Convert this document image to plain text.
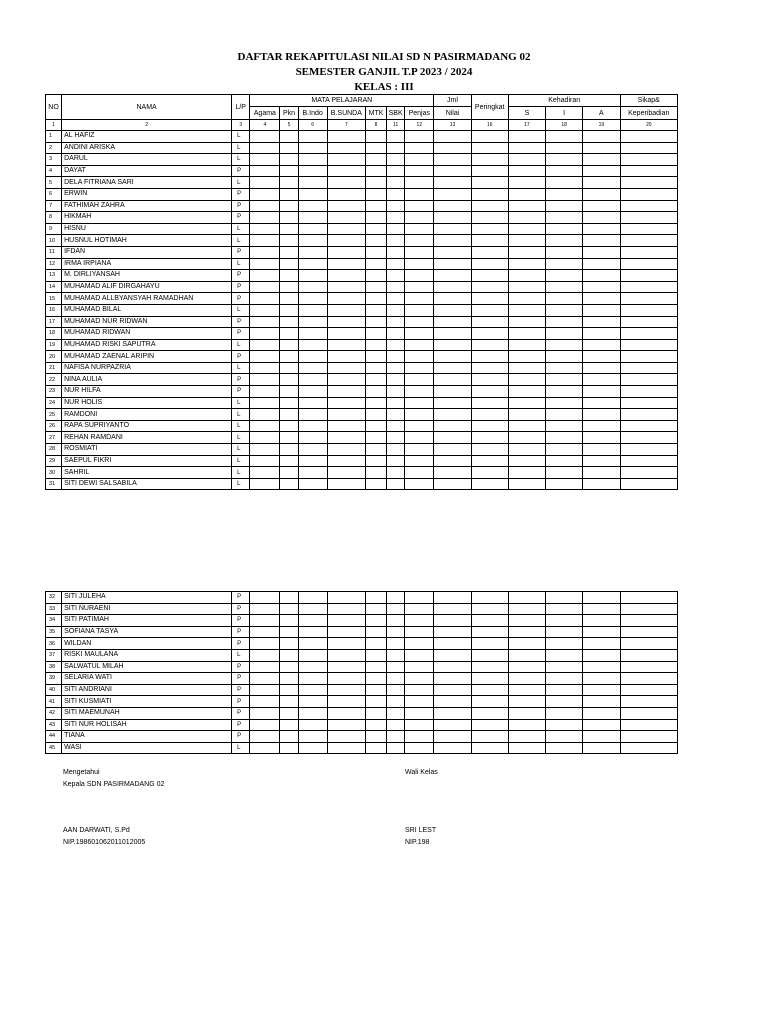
DAFTAR REKAPITULASI NILAI SD N PASIRMADANG 02
SEMESTER GANJIL T.P 2023 / 2024
KELAS : III
NO	NAMA	L/P	MATA PELAJARAN							Jml	Peringkat	Kehadiran			Sikap&
			Agama	Pkn	B.Indo	B.SUNDA	MTK	SBK	Penjas	Nilai		S	I	A	Keperibadian
1	2	3	4	5	6	7	8	11	12	13	16	17	18	19	20
1	AL HAFIZ	L													
2	ANDINI ARISKA	L													
3	DARUL	L													
4	DAYAT	P													
5	DELA FITRIANA SARI	L													
6	ERWIN	P													
7	FATHIMAH ZAHRA	P													
8	HIKMAH	P													
9	HISNU	L													
10	HUSNUL HOTIMAH	L													
11	IFDAN	P													
12	IRMA IRPIANA	L													
13	M. DIRLIYANSAH	P													
14	MUHAMAD ALIF DIRGAHAYU	P													
15	MUHAMAD ALLBYANSYAH RAMADHAN	P													
16	MUHAMAD BILAL	L													
17	MUHAMAD NUR RIDWAN	P													
18	MUHAMAD RIDWAN	P													
19	MUHAMAD RISKI SAPUTRA	L													
20	MUHAMAD ZAENAL ARIPIN	P													
21	NAFISA NURPAZRIA	L													
22	NINA AULIA	P													
23	NUR HILFA	P													
24	NUR HOLIS	L													
25	RAMDONI	L													
26	RAPA SUPRIYANTO	L													
27	REHAN RAMDANI	L													
28	ROSMIATI	L													
29	SAEPUL FIKRI	L													
30	SAHRIL	L													
31	SITI DEWI SALSABILA	L													
32	SITI JULEHA	P													
33	SITI NURAENI	P													
34	SITI PATIMAH	P													
35	SOFIANA TASYA	P													
36	WILDAN	P													
37	RISKI MAULANA	L													
38	SALWATUL MILAH	P													
39	SELARIA WATI	P													
40	SITI ANDRIANI	P													
41	SITI KUSMIATI	P													
42	SITI MAEMUNAH	P													
43	SITI NUR HOLISAH	P													
44	TIANA	P													
45	WASI	L													
Mengetahui
Kepala SDN PASIRMADANG 02
Wali Kelas
AAN DARWATI, S.Pd
NIP.198601062011012005
SRI LEST
NIP.198
